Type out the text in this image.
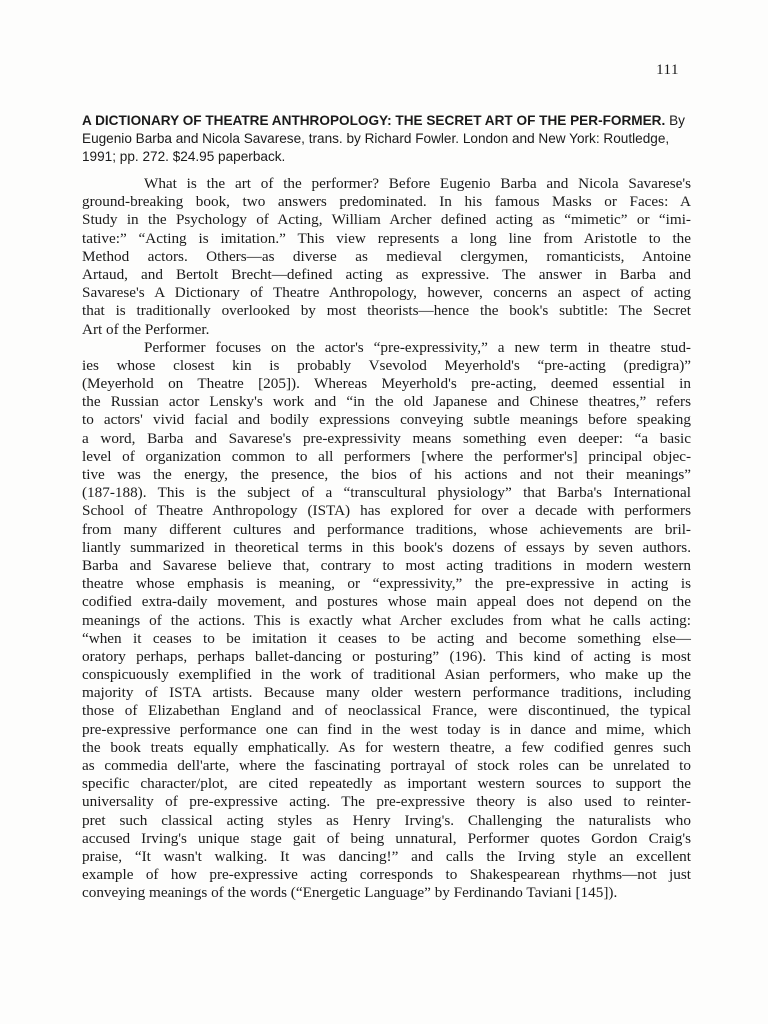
111

A DICTIONARY OF THEATRE ANTHROPOLOGY: THE SECRET ART OF THE PER-FORMER. By Eugenio Barba and Nicola Savarese, trans. by Richard Fowler. London and New York: Routledge, 1991; pp. 272. $24.95 paperback.

What is the art of the performer? Before Eugenio Barba and Nicola Savarese's
ground-breaking book, two answers predominated. In his famous Masks or Faces: A
Study in the Psychology of Acting, William Archer defined acting as “mimetic” or “imi-
tative:” “Acting is imitation.” This view represents a long line from Aristotle to the
Method actors. Others—as diverse as medieval clergymen, romanticists, Antoine
Artaud, and Bertolt Brecht—defined acting as expressive. The answer in Barba and
Savarese's A Dictionary of Theatre Anthropology, however, concerns an aspect of acting
that is traditionally overlooked by most theorists—hence the book's subtitle: The Secret
Art of the Performer.
Performer focuses on the actor's “pre-expressivity,” a new term in theatre stud-
ies whose closest kin is probably Vsevolod Meyerhold's “pre-acting (predigra)”
(Meyerhold on Theatre [205]). Whereas Meyerhold's pre-acting, deemed essential in
the Russian actor Lensky's work and “in the old Japanese and Chinese theatres,” refers
to actors' vivid facial and bodily expressions conveying subtle meanings before speaking
a word, Barba and Savarese's pre-expressivity means something even deeper: “a basic
level of organization common to all performers [where the performer's] principal objec-
tive was the energy, the presence, the bios of his actions and not their meanings”
(187-188). This is the subject of a “transcultural physiology” that Barba's International
School of Theatre Anthropology (ISTA) has explored for over a decade with performers
from many different cultures and performance traditions, whose achievements are bril-
liantly summarized in theoretical terms in this book's dozens of essays by seven authors.
Barba and Savarese believe that, contrary to most acting traditions in modern western
theatre whose emphasis is meaning, or “expressivity,” the pre-expressive in acting is
codified extra-daily movement, and postures whose main appeal does not depend on the
meanings of the actions. This is exactly what Archer excludes from what he calls acting:
“when it ceases to be imitation it ceases to be acting and become something else—
oratory perhaps, perhaps ballet-dancing or posturing” (196). This kind of acting is most
conspicuously exemplified in the work of traditional Asian performers, who make up the
majority of ISTA artists. Because many older western performance traditions, including
those of Elizabethan England and of neoclassical France, were discontinued, the typical
pre-expressive performance one can find in the west today is in dance and mime, which
the book treats equally emphatically. As for western theatre, a few codified genres such
as commedia dell'arte, where the fascinating portrayal of stock roles can be unrelated to
specific character/plot, are cited repeatedly as important western sources to support the
universality of pre-expressive acting. The pre-expressive theory is also used to reinter-
pret such classical acting styles as Henry Irving's. Challenging the naturalists who
accused Irving's unique stage gait of being unnatural, Performer quotes Gordon Craig's
praise, “It wasn't walking. It was dancing!” and calls the Irving style an excellent
example of how pre-expressive acting corresponds to Shakespearean rhythms—not just
conveying meanings of the words (“Energetic Language” by Ferdinando Taviani [145]).
